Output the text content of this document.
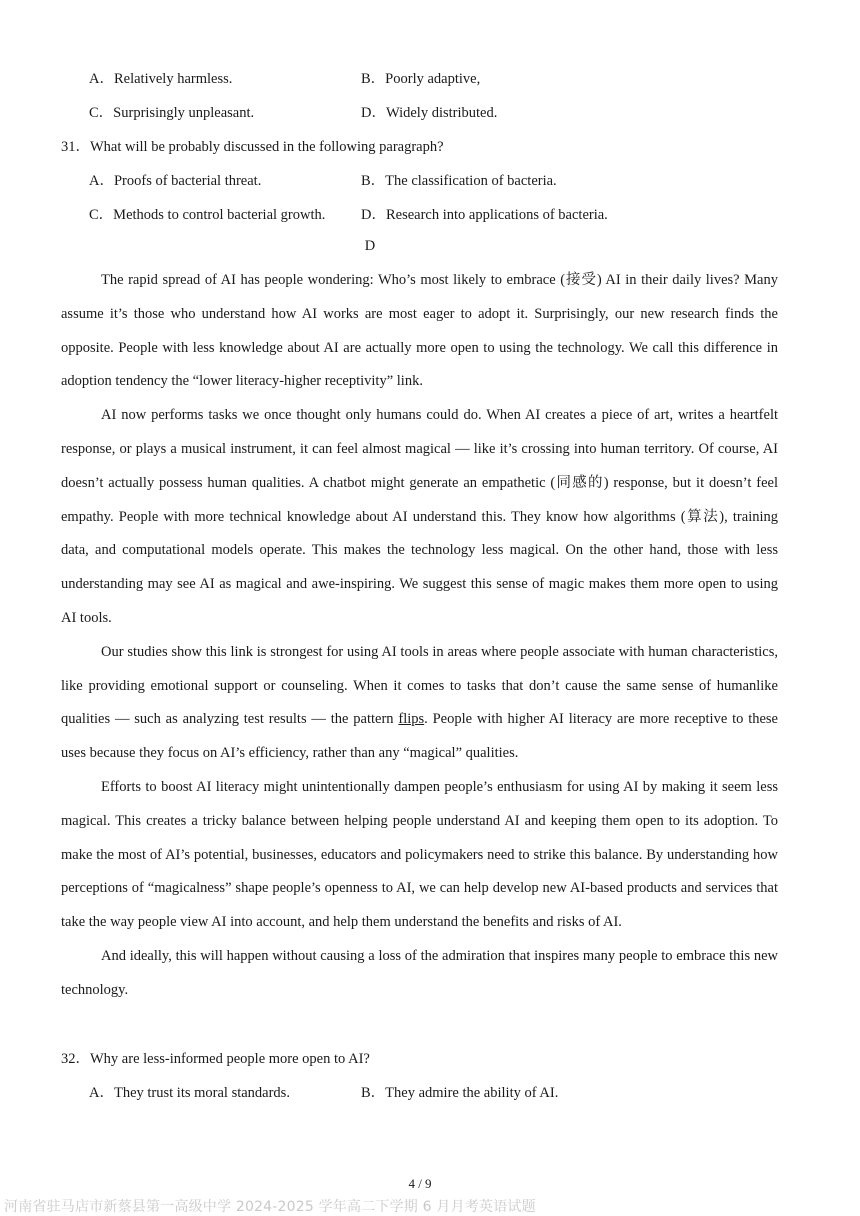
A．Relatively harmless.	B．Poorly adaptive,
C．Surprisingly unpleasant.	D．Widely distributed.
31．What will be probably discussed in the following paragraph?
A．Proofs of bacterial threat.	B．The classification of bacteria.
C．Methods to control bacterial growth. D．Research into applications of bacteria.
D

The rapid spread of AI has people wondering: Who’s most likely to embrace (接受) AI in their daily lives? Many assume it’s those who understand how AI works are most eager to adopt it. Surprisingly, our new research finds the opposite. People with less knowledge about AI are actually more open to using the technology. We call this difference in adoption tendency the “lower literacy-higher receptivity” link.

AI now performs tasks we once thought only humans could do. When AI creates a piece of art, writes a heartfelt response, or plays a musical instrument, it can feel almost magical — like it’s crossing into human territory. Of course, AI doesn’t actually possess human qualities. A chatbot might generate an empathetic (同感的) response, but it doesn’t feel empathy. People with more technical knowledge about AI understand this. They know how algorithms (算法), training data, and computational models operate. This makes the technology less magical. On the other hand, those with less understanding may see AI as magical and awe-inspiring. We suggest this sense of magic makes them more open to using AI tools.

Our studies show this link is strongest for using AI tools in areas where people associate with human characteristics, like providing emotional support or counseling. When it comes to tasks that don’t cause the same sense of humanlike qualities — such as analyzing test results — the pattern flips. People with higher AI literacy are more receptive to these uses because they focus on AI’s efficiency, rather than any “magical” qualities.

Efforts to boost AI literacy might unintentionally dampen people’s enthusiasm for using AI by making it seem less magical. This creates a tricky balance between helping people understand AI and keeping them open to its adoption. To make the most of AI’s potential, businesses, educators and policymakers need to strike this balance. By understanding how perceptions of “magicalness” shape people’s openness to AI, we can help develop new AI-based products and services that take the way people view AI into account, and help them understand the benefits and risks of AI.

And ideally, this will happen without causing a loss of the admiration that inspires many people to embrace this new technology.

32．Why are less-informed people more open to AI?
A．They trust its moral standards.	B．They admire the ability of AI.
4 / 9
河南省驻马店市新蔡县第一高级中学 2024-2025 学年高二下学期 6 月月考英语试题
